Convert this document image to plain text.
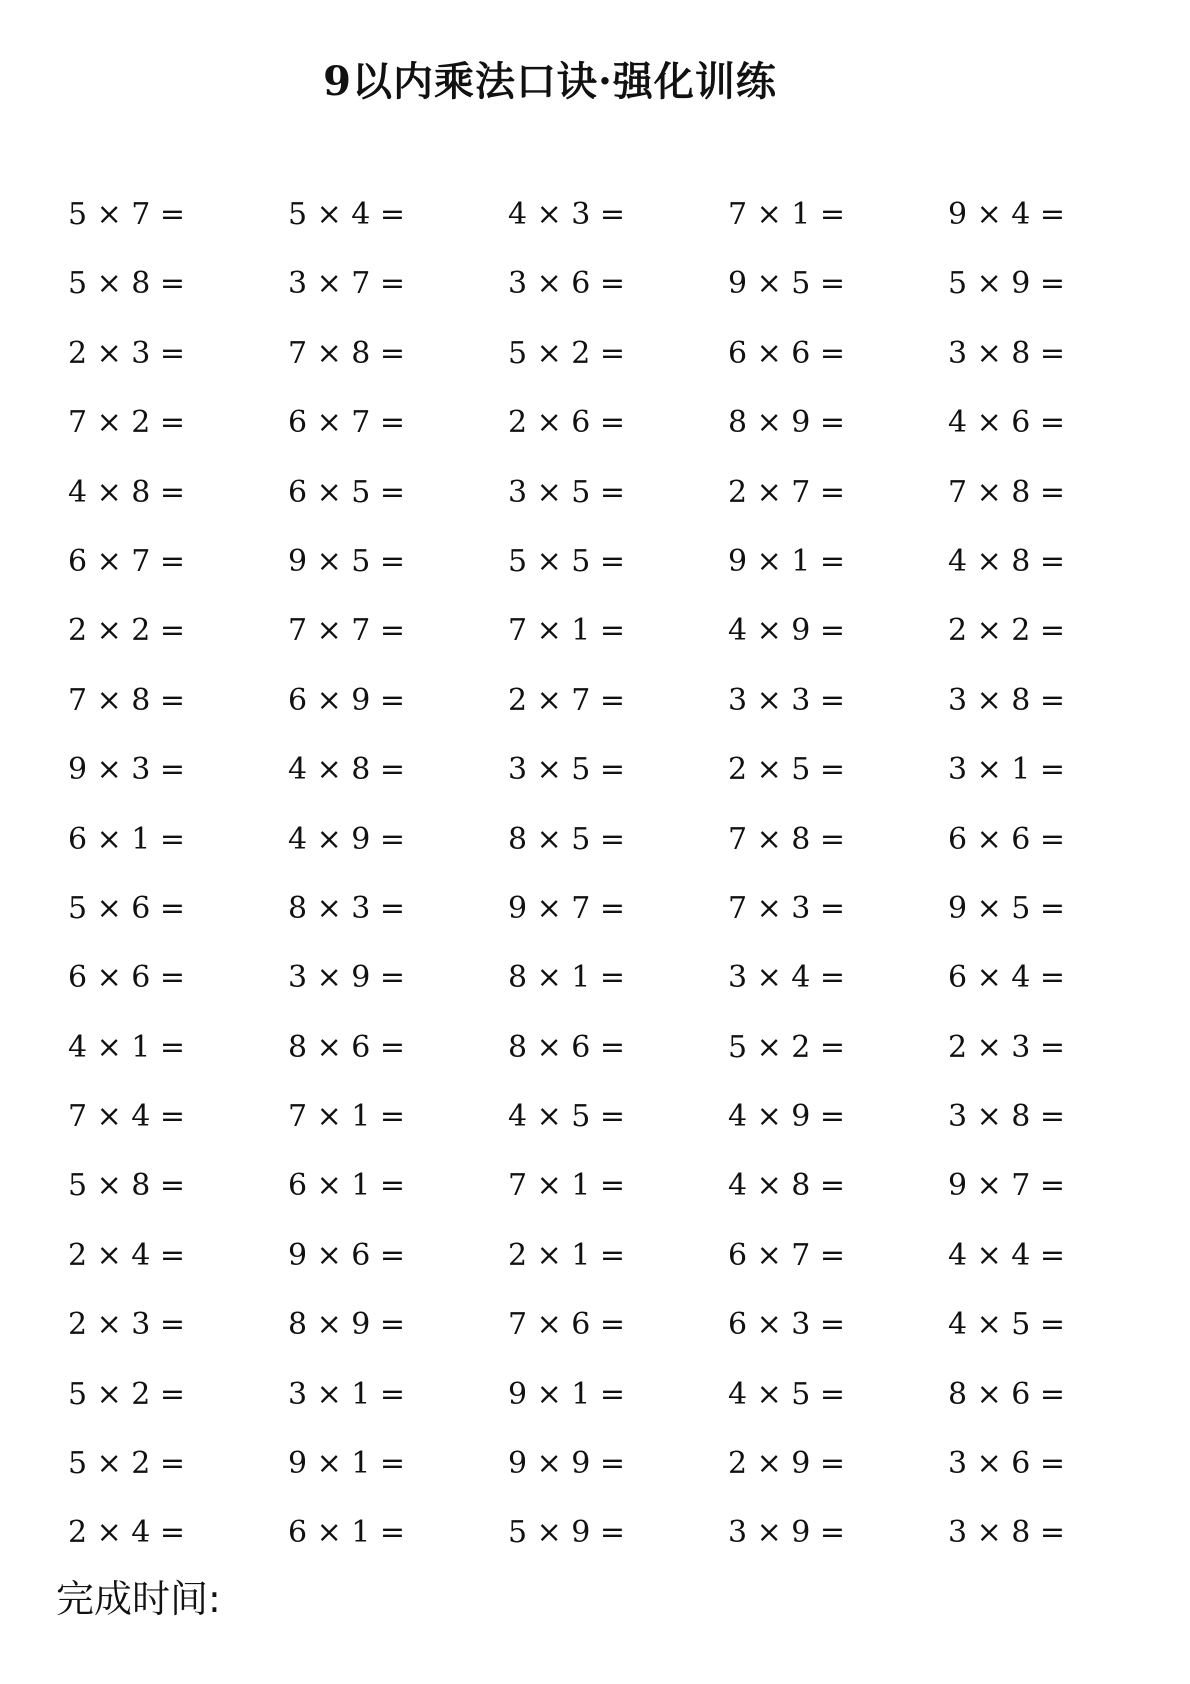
9以内乘法口诀·强化训练
5 × 7 =	5 × 4 =	4 × 3 =	7 × 1 =	9 × 4 =
5 × 8 =	3 × 7 =	3 × 6 =	9 × 5 =	5 × 9 =
2 × 3 =	7 × 8 =	5 × 2 =	6 × 6 =	3 × 8 =
7 × 2 =	6 × 7 =	2 × 6 =	8 × 9 =	4 × 6 =
4 × 8 =	6 × 5 =	3 × 5 =	2 × 7 =	7 × 8 =
6 × 7 =	9 × 5 =	5 × 5 =	9 × 1 =	4 × 8 =
2 × 2 =	7 × 7 =	7 × 1 =	4 × 9 =	2 × 2 =
7 × 8 =	6 × 9 =	2 × 7 =	3 × 3 =	3 × 8 =
9 × 3 =	4 × 8 =	3 × 5 =	2 × 5 =	3 × 1 =
6 × 1 =	4 × 9 =	8 × 5 =	7 × 8 =	6 × 6 =
5 × 6 =	8 × 3 =	9 × 7 =	7 × 3 =	9 × 5 =
6 × 6 =	3 × 9 =	8 × 1 =	3 × 4 =	6 × 4 =
4 × 1 =	8 × 6 =	8 × 6 =	5 × 2 =	2 × 3 =
7 × 4 =	7 × 1 =	4 × 5 =	4 × 9 =	3 × 8 =
5 × 8 =	6 × 1 =	7 × 1 =	4 × 8 =	9 × 7 =
2 × 4 =	9 × 6 =	2 × 1 =	6 × 7 =	4 × 4 =
2 × 3 =	8 × 9 =	7 × 6 =	6 × 3 =	4 × 5 =
5 × 2 =	3 × 1 =	9 × 1 =	4 × 5 =	8 × 6 =
5 × 2 =	9 × 1 =	9 × 9 =	2 × 9 =	3 × 6 =
2 × 4 =	6 × 1 =	5 × 9 =	3 × 9 =	3 × 8 =
完成时间:
